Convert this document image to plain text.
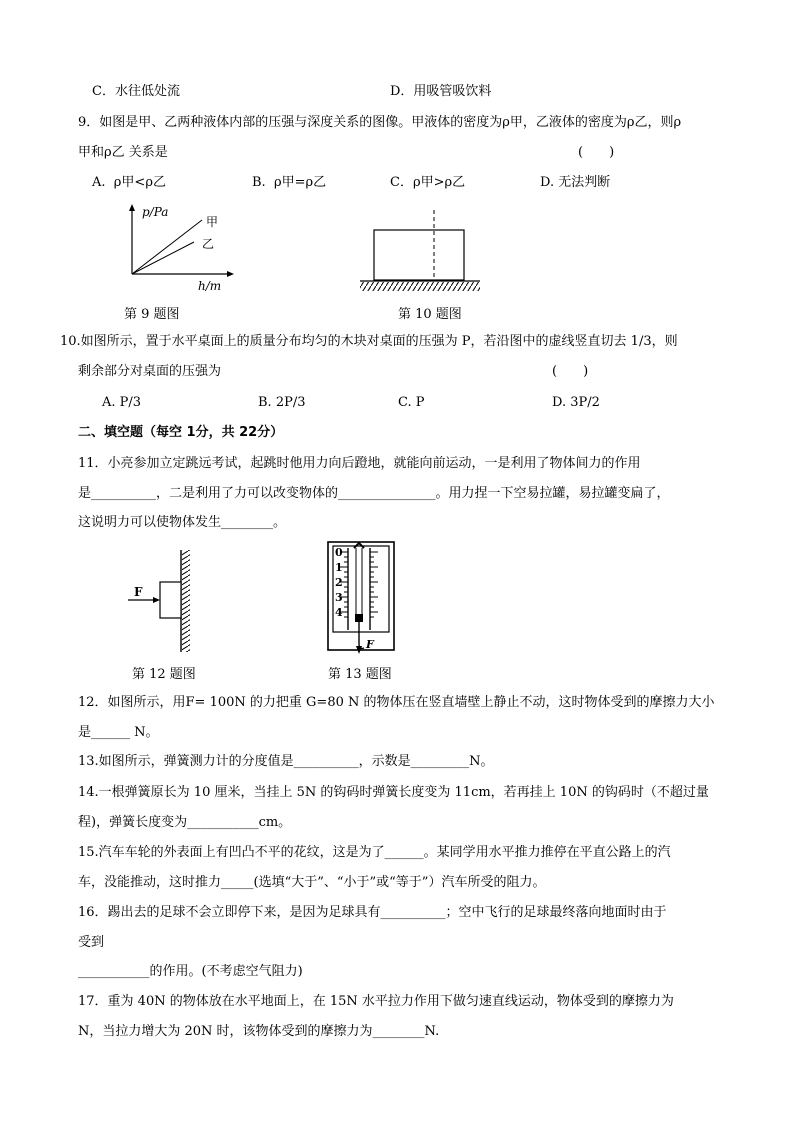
C．水往低处流	D．用吸管吸饮料
9．如图是甲、乙两种液体内部的压强与深度关系的图像。甲液体的密度为ρ甲，乙液体的密度为ρ乙，则ρ
甲和ρ乙 关系是	(　　)
A.  ρ甲<ρ乙	B.  ρ甲=ρ乙	C．ρ甲>ρ乙	D. 无法判断
p/Pa
甲
乙
h/m
第 9 题图	第 10 题图
10.如图所示，置于水平桌面上的质量分布均匀的木块对桌面的压强为 P，若沿图中的虚线竖直切去 1/3，则
剩余部分对桌面的压强为	(　　)
A. P/3	B. 2P/3	C. P	D. 3P/2
二、填空题（每空 1分，共 22分）
11．小亮参加立定跳远考试，起跳时他用力向后蹬地，就能向前运动，一是利用了物体间力的作用
是__________，二是利用了力可以改变物体的_______________。用力捏一下空易拉罐，易拉罐变扁了，
这说明力可以使物体发生________。
F
0
1
2
3
4
F
第 12 题图	第 13 题图
12．如图所示，用F= 100N 的力把重 G=80 N 的物体压在竖直墙壁上静止不动，这时物体受到的摩擦力大小
是______ N。
13.如图所示，弹簧测力计的分度值是__________，示数是_________N。
14.一根弹簧原长为 10 厘米，当挂上 5N 的钩码时弹簧长度变为 11cm，若再挂上 10N 的钩码时（不超过量
程)，弹簧长度变为___________cm。
15.汽车车轮的外表面上有凹凸不平的花纹，这是为了______。某同学用水平推力推停在平直公路上的汽
车，没能推动，这时推力_____(选填“大于”、“小于”或“等于”）汽车所受的阻力。
16．踢出去的足球不会立即停下来，是因为足球具有__________；空中飞行的足球最终落向地面时由于
受到
___________的作用。(不考虑空气阻力)
17．重为 40N 的物体放在水平地面上，在 15N 水平拉力作用下做匀速直线运动，物体受到的摩擦力为
N，当拉力增大为 20N 时，该物体受到的摩擦力为________N.
